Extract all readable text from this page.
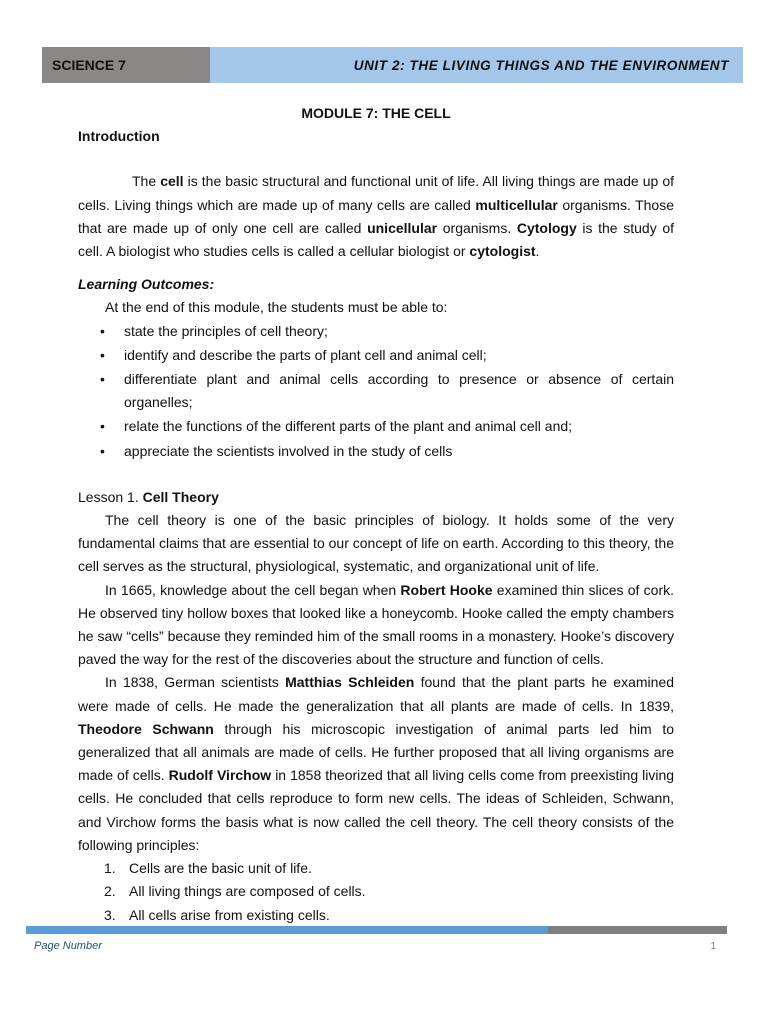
SCIENCE 7	UNIT 2: THE LIVING THINGS AND THE ENVIRONMENT
MODULE 7: THE CELL
Introduction

The cell is the basic structural and functional unit of life. All living things are made up of cells. Living things which are made up of many cells are called multicellular organisms. Those that are made up of only one cell are called unicellular organisms. Cytology is the study of cell. A biologist who studies cells is called a cellular biologist or cytologist.

Learning Outcomes:
At the end of this module, the students must be able to:
• state the principles of cell theory;
• identify and describe the parts of plant cell and animal cell;
• differentiate plant and animal cells according to presence or absence of certain organelles;
• relate the functions of the different parts of the plant and animal cell and;
• appreciate the scientists involved in the study of cells
Lesson 1. Cell Theory

The cell theory is one of the basic principles of biology. It holds some of the very fundamental claims that are essential to our concept of life on earth. According to this theory, the cell serves as the structural, physiological, systematic, and organizational unit of life.

In 1665, knowledge about the cell began when Robert Hooke examined thin slices of cork. He observed tiny hollow boxes that looked like a honeycomb. Hooke called the empty chambers he saw “cells” because they reminded him of the small rooms in a monastery. Hooke’s discovery paved the way for the rest of the discoveries about the structure and function of cells.

In 1838, German scientists Matthias Schleiden found that the plant parts he examined were made of cells. He made the generalization that all plants are made of cells. In 1839, Theodore Schwann through his microscopic investigation of animal parts led him to generalized that all animals are made of cells. He further proposed that all living organisms are made of cells. Rudolf Virchow in 1858 theorized that all living cells come from preexisting living cells. He concluded that cells reproduce to form new cells. The ideas of Schleiden, Schwann, and Virchow forms the basis what is now called the cell theory. The cell theory consists of the following principles:

1. Cells are the basic unit of life.
2. All living things are composed of cells.
3. All cells arise from existing cells.
Page Number	1
